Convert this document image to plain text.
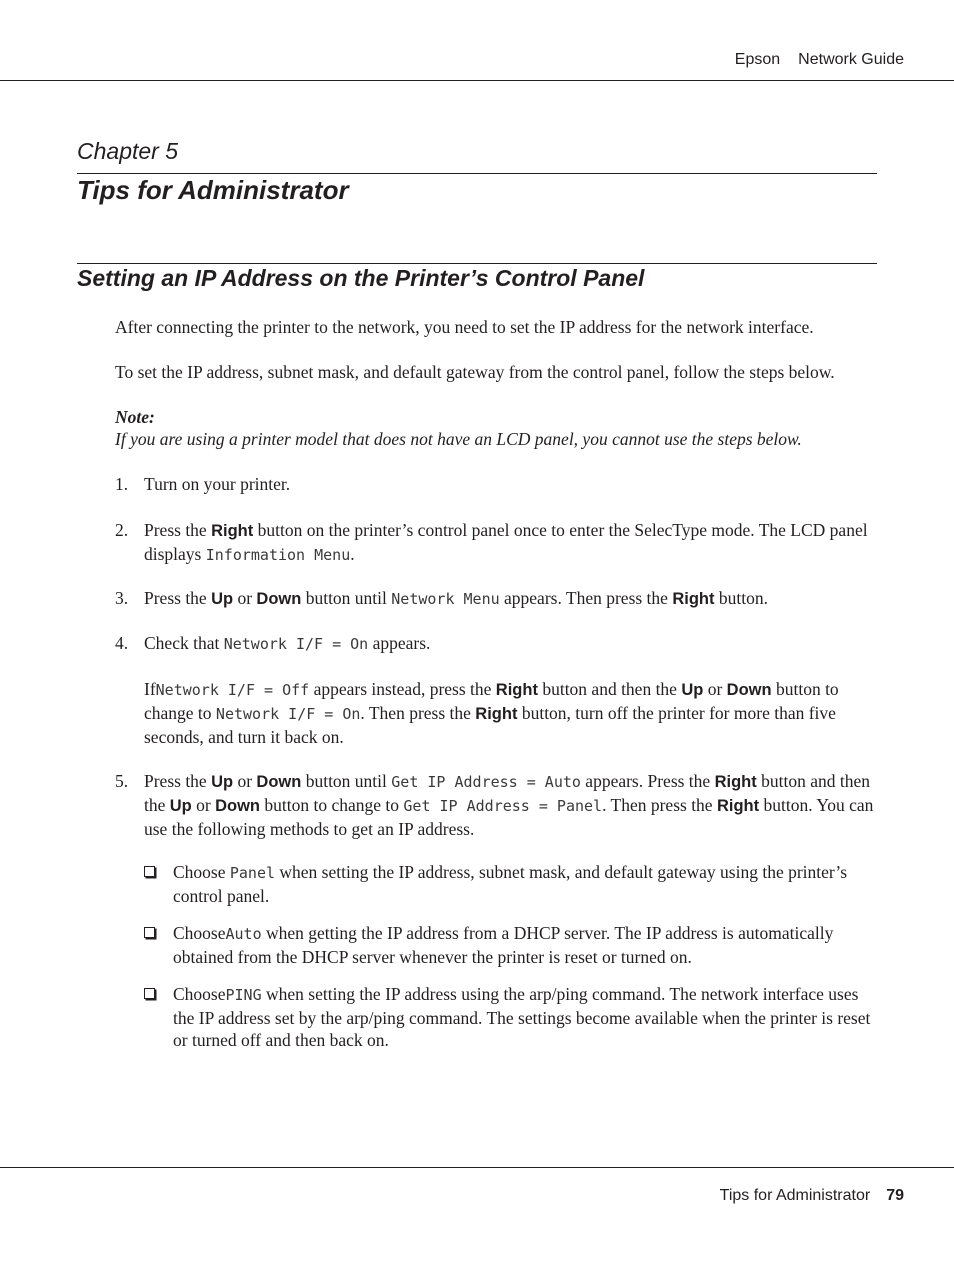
Epson Network Guide
Chapter 5
Tips for Administrator
Setting an IP Address on the Printer’s Control Panel
After connecting the printer to the network, you need to set the IP address for the network interface.
To set the IP address, subnet mask, and default gateway from the control panel, follow the steps below.
Note:
If you are using a printer model that does not have an LCD panel, you cannot use the steps below.
1. Turn on your printer.
2. Press the Right button on the printer’s control panel once to enter the SelecType mode. The LCD panel displays Information Menu.
3. Press the Up or Down button until Network Menu appears. Then press the Right button.
4. Check that Network I/F = On appears.
IfNetwork I/F = Off appears instead, press the Right button and then the Up or Down button to change to Network I/F = On. Then press the Right button, turn off the printer for more than five seconds, and turn it back on.
5. Press the Up or Down button until Get IP Address = Auto appears. Press the Right button and then the Up or Down button to change to Get IP Address = Panel. Then press the Right button. You can use the following methods to get an IP address.
Choose Panel when setting the IP address, subnet mask, and default gateway using the printer’s control panel.
ChooseAuto when getting the IP address from a DHCP server. The IP address is automatically obtained from the DHCP server whenever the printer is reset or turned on.
ChoosePING when setting the IP address using the arp/ping command. The network interface uses the IP address set by the arp/ping command. The settings become available when the printer is reset or turned off and then back on.
Tips for Administrator 79
